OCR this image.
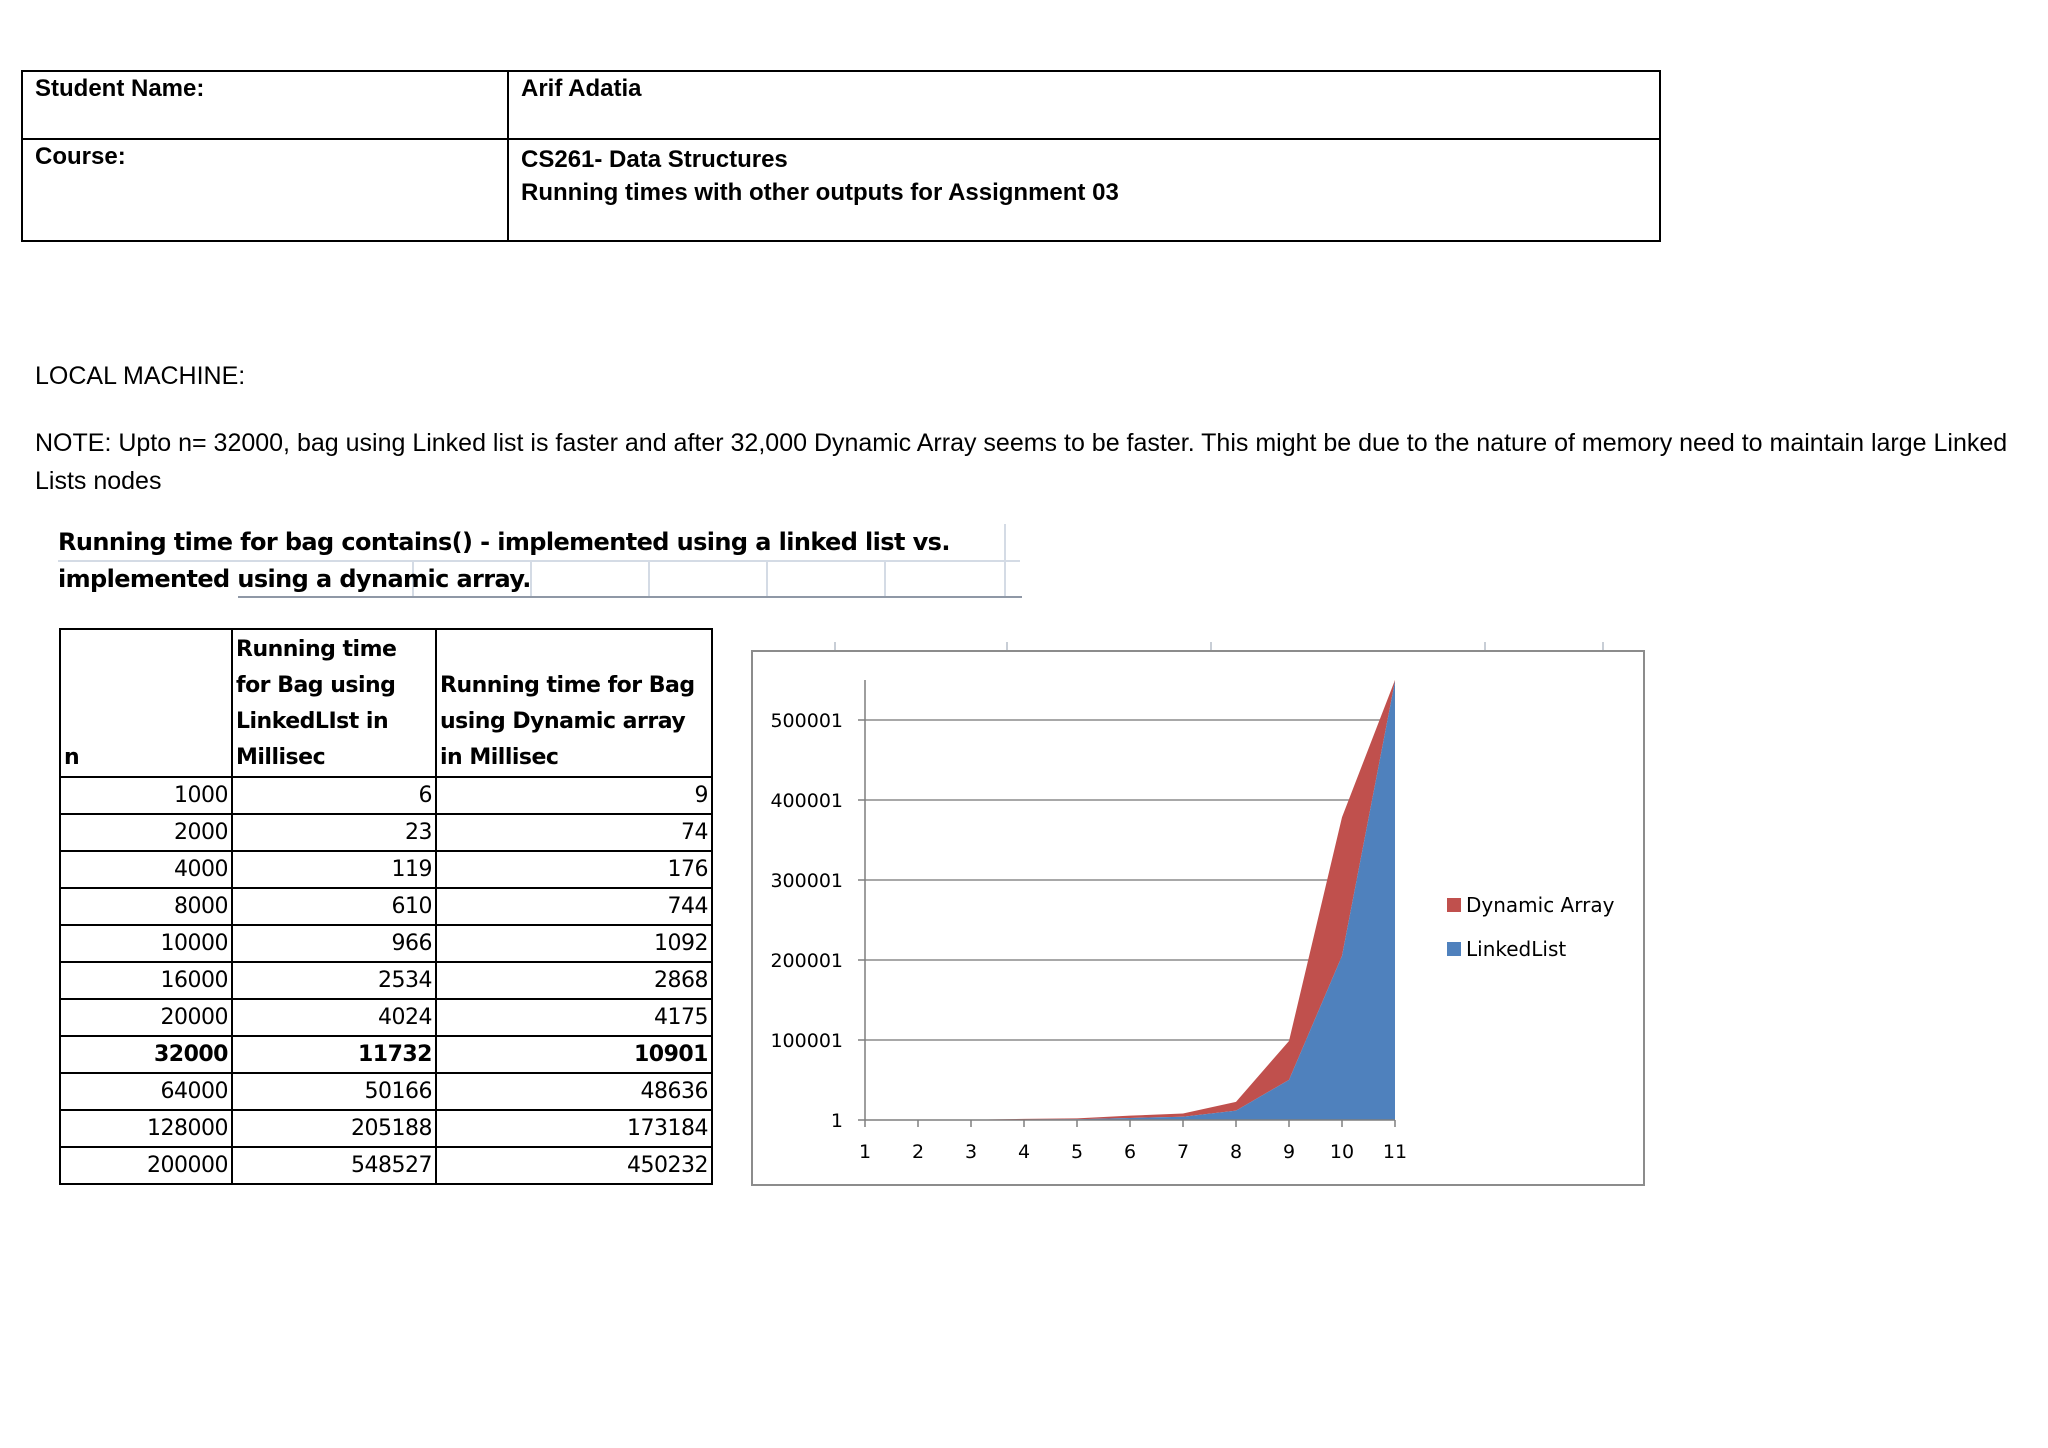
Student Name:	Arif Adatia
Course:	CS261- Data Structures
Running times with other outputs for Assignment 03
LOCAL MACHINE:
NOTE: Upto n= 32000, bag using Linked list is faster and after 32,000 Dynamic Array seems to be faster. This might be due to the nature of memory need to maintain large Linked Lists nodes
Running time for bag contains() - implemented using a linked list vs. implemented using a dynamic array.
n	Running time for Bag using LinkedLIst in Millisec	Running time for Bag using Dynamic array in Millisec
1000	6	9
2000	23	74
4000	119	176
8000	610	744
10000	966	1092
16000	2534	2868
20000	4024	4175
32000	11732	10901
64000	50166	48636
128000	205188	173184
200000	548527	450232
1
100001
200001
300001
400001
500001
1 2 3 4 5 6 7 8 9 10 11
Dynamic Array
LinkedList
